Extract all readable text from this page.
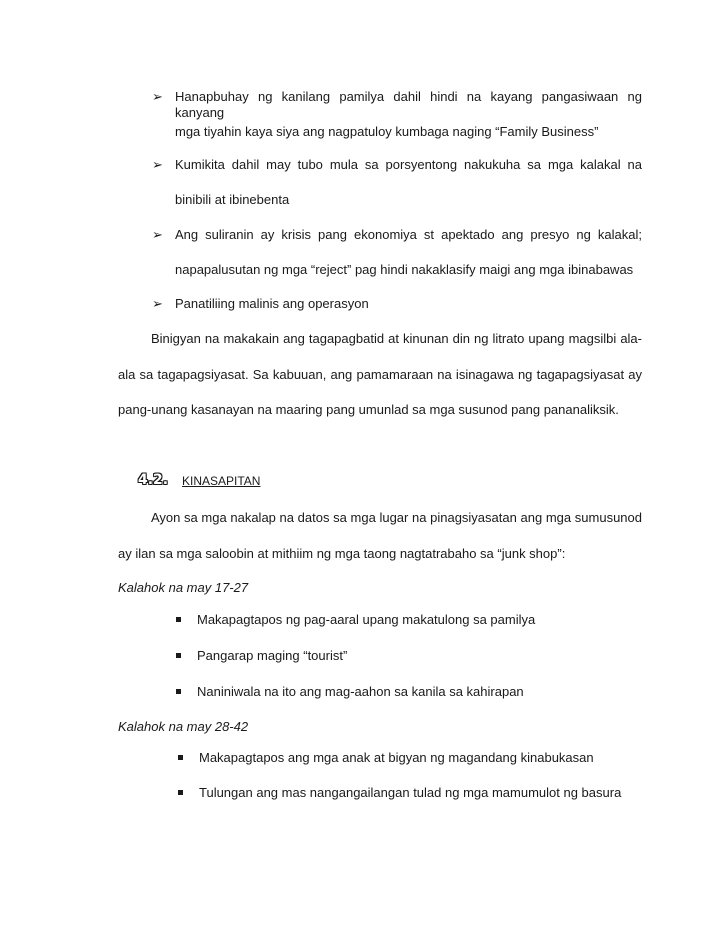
➢ Hanapbuhay ng kanilang pamilya dahil hindi na kayang pangasiwaan ng kanyang
mga tiyahin kaya siya ang nagpatuloy kumbaga naging “Family Business”
➢ Kumikita dahil may tubo mula sa porsyentong nakukuha sa mga kalakal na
binibili at ibinebenta
➢ Ang suliranin ay krisis pang ekonomiya st apektado ang presyo ng kalakal;
napapalusutan ng mga “reject” pag hindi nakaklasify maigi ang mga ibinabawas
➢ Panatiliing malinis ang operasyon
Binigyan na makakain ang tagapagbatid at kinunan din ng litrato upang magsilbi ala-
ala sa tagapagsiyasat. Sa kabuuan, ang pamamaraan na isinagawa ng tagapagsiyasat ay
pang-unang kasanayan na maaring pang umunlad sa mga susunod pang pananaliksik.
4.2. KINASAPITAN
Ayon sa mga nakalap na datos sa mga lugar na pinagsiyasatan ang mga sumusunod
ay ilan sa mga saloobin at mithiim ng mga taong nagtatrabaho sa “junk shop”:
Kalahok na may 17-27
Makapagtapos ng pag-aaral upang makatulong sa pamilya
Pangarap maging “tourist”
Naniniwala na ito ang mag-aahon sa kanila sa kahirapan
Kalahok na may 28-42
Makapagtapos ang mga anak at bigyan ng magandang kinabukasan
Tulungan ang mas nangangailangan tulad ng mga mamumulot ng basura
